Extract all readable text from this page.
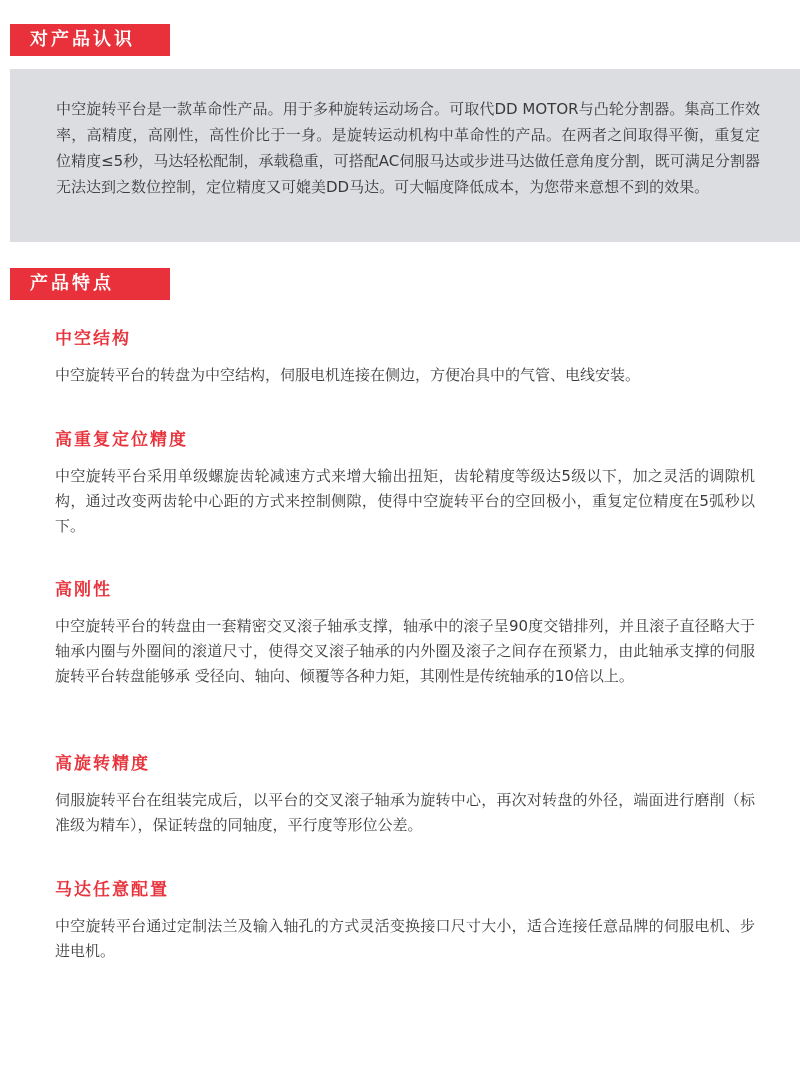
对产品认识

中空旋转平台是一款革命性产品。用于多种旋转运动场合。可取代DD MOTOR与凸轮分割器。集高工作效率，高精度，高刚性，高性价比于一身。是旋转运动机构中革命性的产品。在两者之间取得平衡，重复定位精度≤5秒，马达轻松配制，承载稳重，可搭配AC伺服马达或步进马达做任意角度分割，既可满足分割器无法达到之数位控制，定位精度又可媲美DD马达。可大幅度降低成本，为您带来意想不到的效果。

产品特点
中空结构

中空旋转平台的转盘为中空结构，伺服电机连接在侧边，方便冶具中的气管、电线安装。

高重复定位精度

中空旋转平台采用单级螺旋齿轮减速方式来增大输出扭矩，齿轮精度等级达5级以下，加之灵活的调隙机构，通过改变两齿轮中心距的方式来控制侧隙，使得中空旋转平台的空回极小，重复定位精度在5弧秒以下。

高刚性

中空旋转平台的转盘由一套精密交叉滚子轴承支撑，轴承中的滚子呈90度交错排列，并且滚子直径略大于轴承内圈与外圈间的滚道尺寸，使得交叉滚子轴承的内外圈及滚子之间存在预紧力，由此轴承支撑的伺服旋转平台转盘能够承 受径向、轴向、倾覆等各种力矩，其刚性是传统轴承的10倍以上。

高旋转精度

伺服旋转平台在组装完成后，以平台的交叉滚子轴承为旋转中心，再次对转盘的外径，端面进行磨削（标准级为精车），保证转盘的同轴度，平行度等形位公差。

马达任意配置

中空旋转平台通过定制法兰及输入轴孔的方式灵活变换接口尺寸大小，适合连接任意品牌的伺服电机、步进电机。
